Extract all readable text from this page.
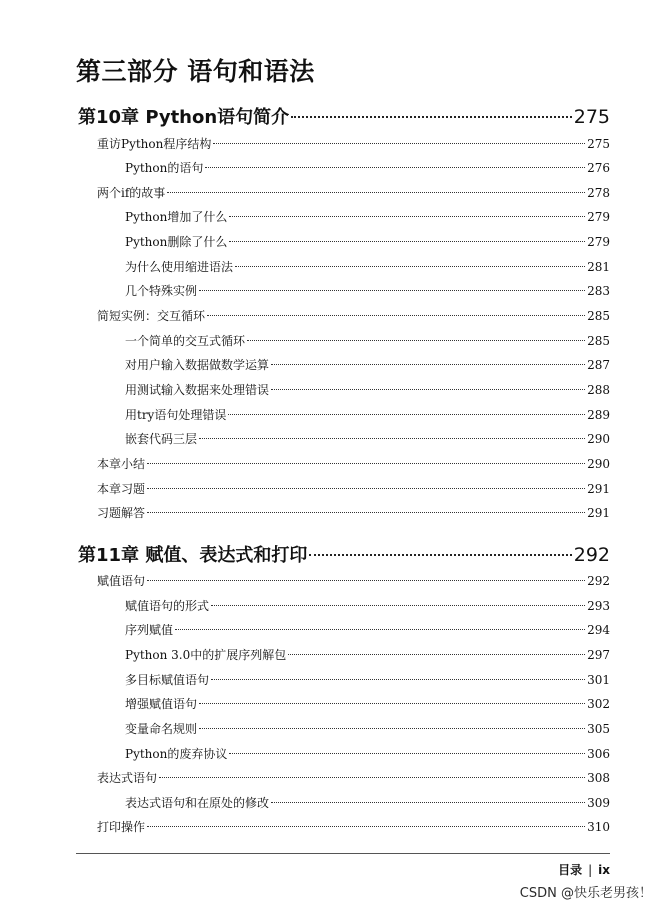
第三部分 语句和语法
第10章 Python语句简介	275
重访Python程序结构	275
Python的语句	276
两个if的故事	278
Python增加了什么	279
Python删除了什么	279
为什么使用缩进语法	281
几个特殊实例	283
简短实例：交互循环	285
一个简单的交互式循环	285
对用户输入数据做数学运算	287
用测试输入数据来处理错误	288
用try语句处理错误	289
嵌套代码三层	290
本章小结	290
本章习题	291
习题解答	291
第11章 赋值、表达式和打印	292
赋值语句	292
赋值语句的形式	293
序列赋值	294
Python 3.0中的扩展序列解包	297
多目标赋值语句	301
增强赋值语句	302
变量命名规则	305
Python的废弃协议	306
表达式语句	308
表达式语句和在原处的修改	309
打印操作	310
目录 | ix
CSDN @快乐老男孩！
